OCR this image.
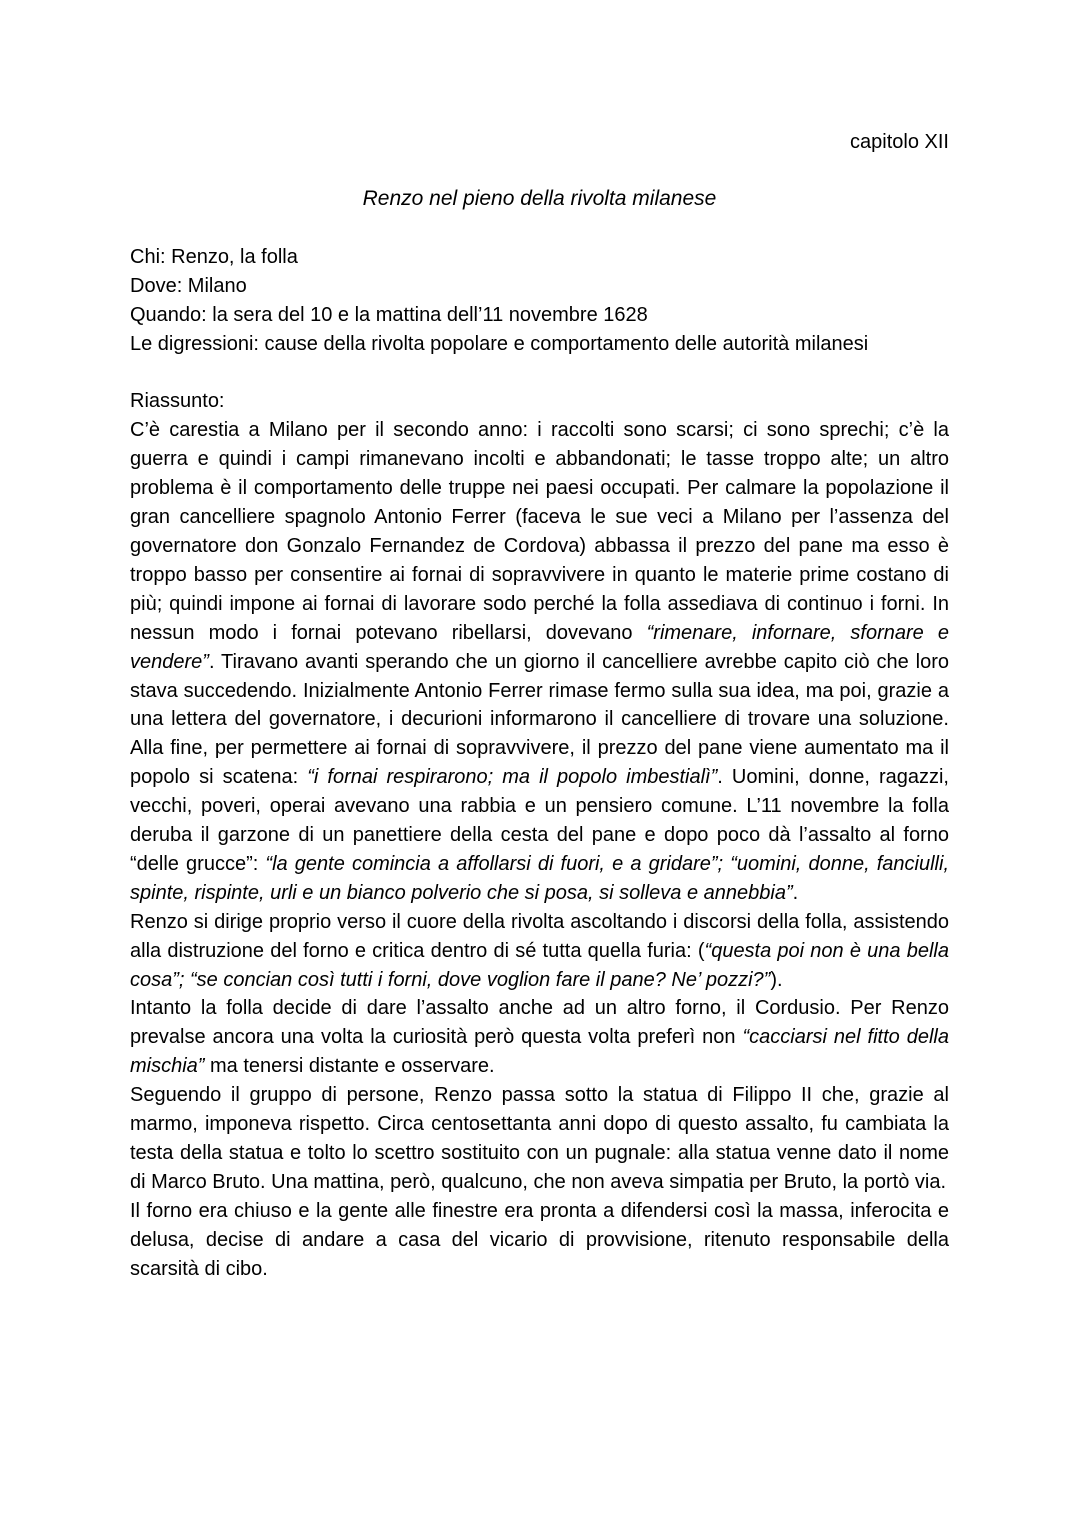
capitolo XII

Renzo nel pieno della rivolta milanese

Chi: Renzo, la folla
Dove: Milano
Quando: la sera del 10 e la mattina dell’11 novembre 1628
Le digressioni: cause della rivolta popolare e comportamento delle autorità milanesi
Riassunto:

C’è carestia a Milano per il secondo anno: i raccolti sono scarsi; ci sono sprechi; c’è la guerra e quindi i campi rimanevano incolti e abbandonati; le tasse troppo alte; un altro problema è il comportamento delle truppe nei paesi occupati. Per calmare la popolazione il gran cancelliere spagnolo Antonio Ferrer (faceva le sue veci a Milano per l’assenza del governatore don Gonzalo Fernandez de Cordova) abbassa il prezzo del pane ma esso è troppo basso per consentire ai fornai di sopravvivere in quanto le materie prime costano di più; quindi impone ai fornai di lavorare sodo perché la folla assediava di continuo i forni. In nessun modo i fornai potevano ribellarsi, dovevano “rimenare, infornare, sfornare e vendere”. Tiravano avanti sperando che un giorno il cancelliere avrebbe capito ciò che loro stava succedendo. Inizialmente Antonio Ferrer rimase fermo sulla sua idea, ma poi, grazie a una lettera del governatore, i decurioni informarono il cancelliere di trovare una soluzione. Alla fine, per permettere ai fornai di sopravvivere, il prezzo del pane viene aumentato ma il popolo si scatena: “i fornai respirarono; ma il popolo imbestialì”. Uomini, donne, ragazzi, vecchi, poveri, operai avevano una rabbia e un pensiero comune. L’11 novembre la folla deruba il garzone di un panettiere della cesta del pane e dopo poco dà l’assalto al forno “delle grucce”: “la gente comincia a affollarsi di fuori, e a gridare”; “uomini, donne, fanciulli, spinte, rispinte, urli e un bianco polverio che si posa, si solleva e annebbia”.

Renzo si dirige proprio verso il cuore della rivolta ascoltando i discorsi della folla, assistendo alla distruzione del forno e critica dentro di sé tutta quella furia: (“questa poi non è una bella cosa”; “se concian così tutti i forni, dove voglion fare il pane? Ne’ pozzi?”).

Intanto la folla decide di dare l’assalto anche ad un altro forno, il Cordusio. Per Renzo prevalse ancora una volta la curiosità però questa volta preferì non “cacciarsi nel fitto della mischia” ma tenersi distante e osservare.

Seguendo il gruppo di persone, Renzo passa sotto la statua di Filippo II che, grazie al marmo, imponeva rispetto. Circa centosettanta anni dopo di questo assalto, fu cambiata la testa della statua e tolto lo scettro sostituito con un pugnale: alla statua venne dato il nome di Marco Bruto. Una mattina, però, qualcuno, che non aveva simpatia per Bruto, la portò via.

Il forno era chiuso e la gente alle finestre era pronta a difendersi così la massa, inferocita e delusa, decise di andare a casa del vicario di provvisione, ritenuto responsabile della scarsità di cibo.
